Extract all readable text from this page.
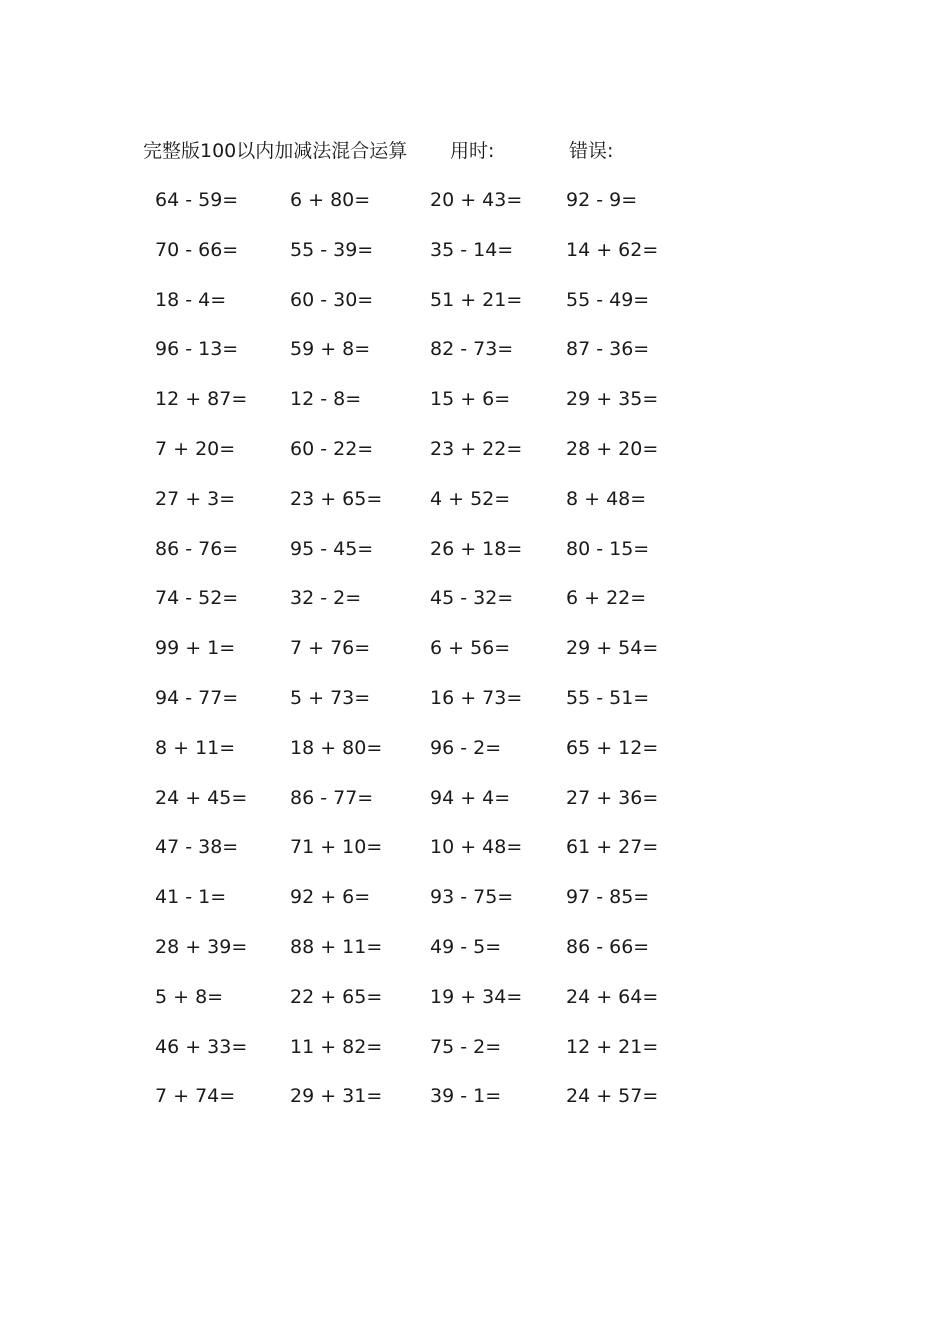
完整版100以内加减法混合运算 用时:	错误:
64 - 59=	6 + 80=	20 + 43= 92 - 9=
70 - 66=	55 - 39=	35 - 14=	14 + 62=
18 - 4=	60 - 30=	51 + 21= 55 - 49=
96 - 13=	59 + 8=	82 - 73=	87 - 36=
12 + 87= 12 - 8=	15 + 6=	29 + 35=
7 + 20=	60 - 22=	23 + 22= 28 + 20=
27 + 3=	23 + 65=	4 + 52=	8 + 48=
86 - 76=	95 - 45=	26 + 18= 80 - 15=
74 - 52=	32 - 2=	45 - 32=	6 + 22=
99 + 1=	7 + 76=	6 + 56=	29 + 54=
94 - 77=	5 + 73=	16 + 73= 55 - 51=
8 + 11=	18 + 80=	96 - 2=	65 + 12=
24 + 45= 86 - 77=	94 + 4=	27 + 36=
47 - 38=	71 + 10=	10 + 48= 61 + 27=
41 - 1=	92 + 6=	93 - 75=	97 - 85=
28 + 39= 88 + 11=	49 - 5=	86 - 66=
5 + 8=	22 + 65=	19 + 34= 24 + 64=
46 + 33= 11 + 82=	75 - 2=	12 + 21=
7 + 74=	29 + 31=	39 - 1=	24 + 57=
